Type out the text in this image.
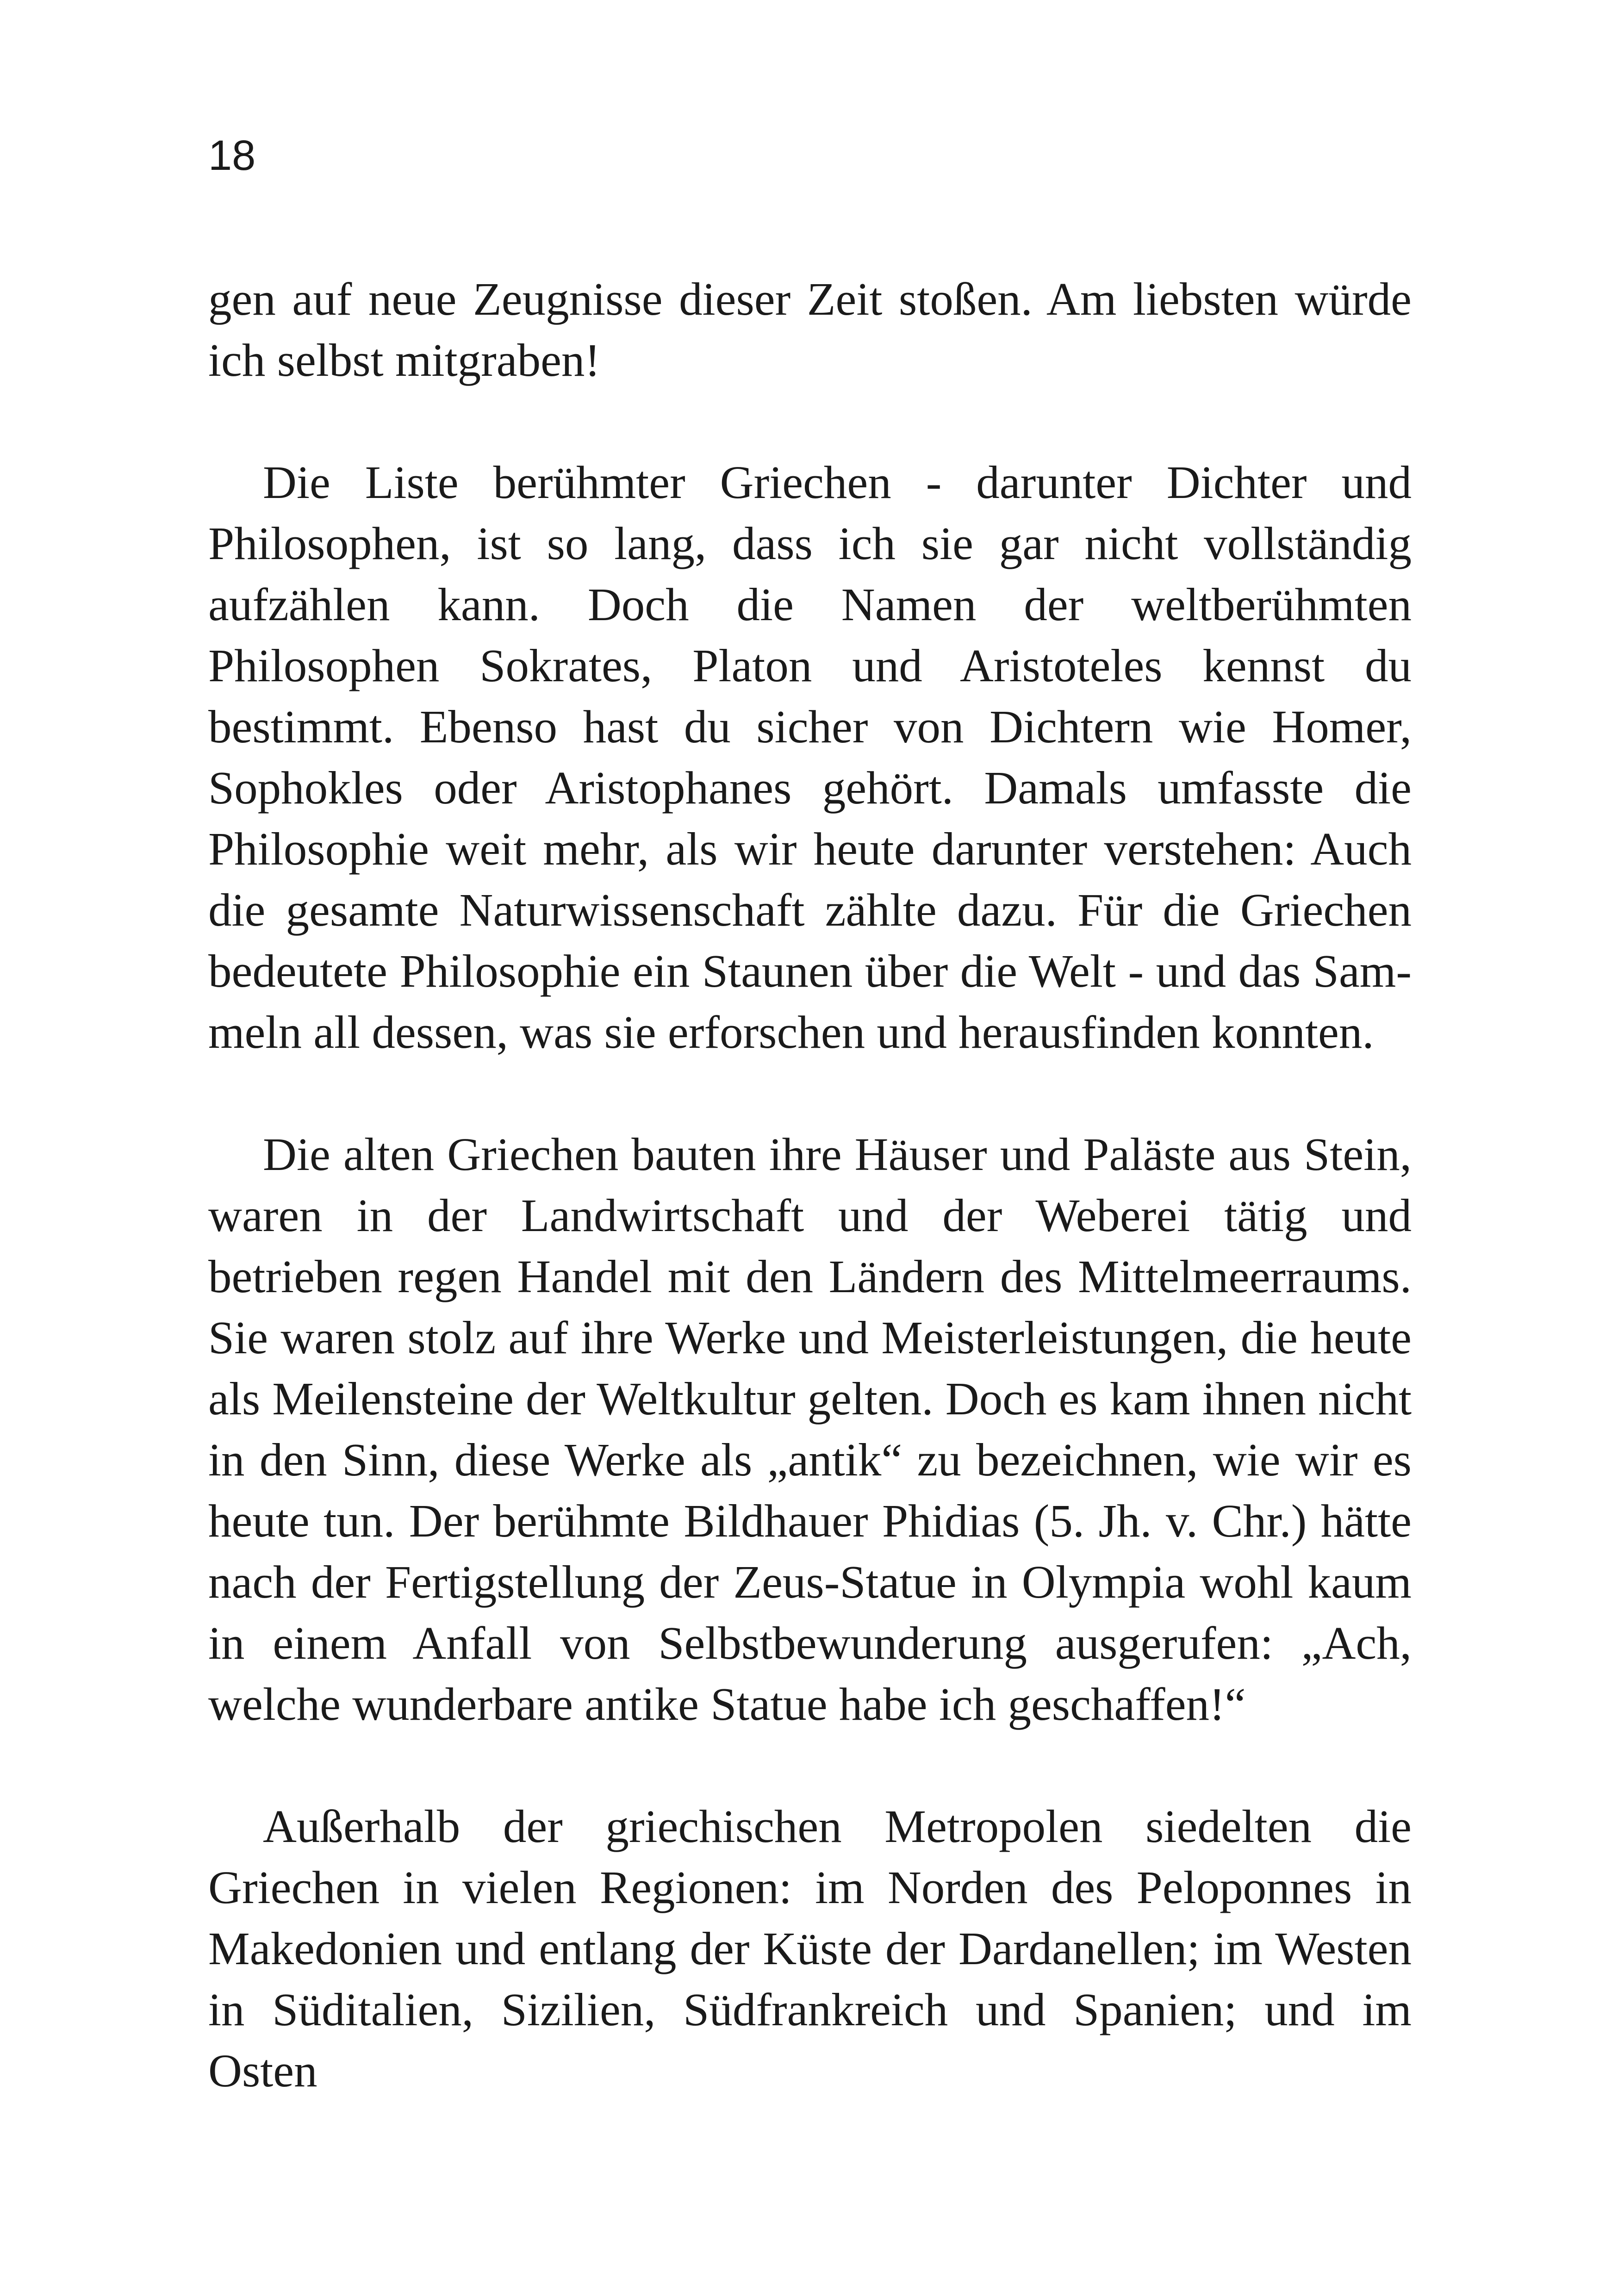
18

gen auf neue Zeugnisse dieser Zeit stoßen. Am liebsten würde ich selbst mitgraben!

Die Liste berühmter Griechen - darunter Dichter und Philosophen, ist so lang, dass ich sie gar nicht vollständig aufzählen kann. Doch die Namen der weltberühmten Philosophen Sokrates, Platon und Aristoteles kennst du bestimmt. Ebenso hast du sicher von Dichtern wie Homer, Sophokles oder Aristophanes gehört. Damals umfasste die Philosophie weit mehr, als wir heute darunter verstehen: Auch die gesamte Naturwissenschaft zählte dazu. Für die Griechen bedeutete Philosophie ein Staunen über die Welt - und das Sammeln all dessen, was sie erforschen und herausfinden konnten.

Die alten Griechen bauten ihre Häuser und Paläste aus Stein, waren in der Landwirtschaft und der Weberei tätig und betrieben regen Handel mit den Ländern des Mittelmeerraums. Sie waren stolz auf ihre Werke und Meisterleistungen, die heute als Meilensteine der Weltkultur gelten. Doch es kam ihnen nicht in den Sinn, diese Werke als „antik“ zu bezeichnen, wie wir es heute tun. Der berühmte Bildhauer Phidias (5. Jh. v. Chr.) hätte nach der Fertigstellung der Zeus-Statue in Olympia wohl kaum in einem Anfall von Selbstbewunderung ausgerufen: „Ach, welche wunderbare antike Statue habe ich geschaffen!“

Außerhalb der griechischen Metropolen siedelten die Griechen in vielen Regionen: im Norden des Peloponnes in Makedonien und entlang der Küste der Dardanellen; im Westen in Süditalien, Sizilien, Südfrankreich und Spanien; und im Osten
